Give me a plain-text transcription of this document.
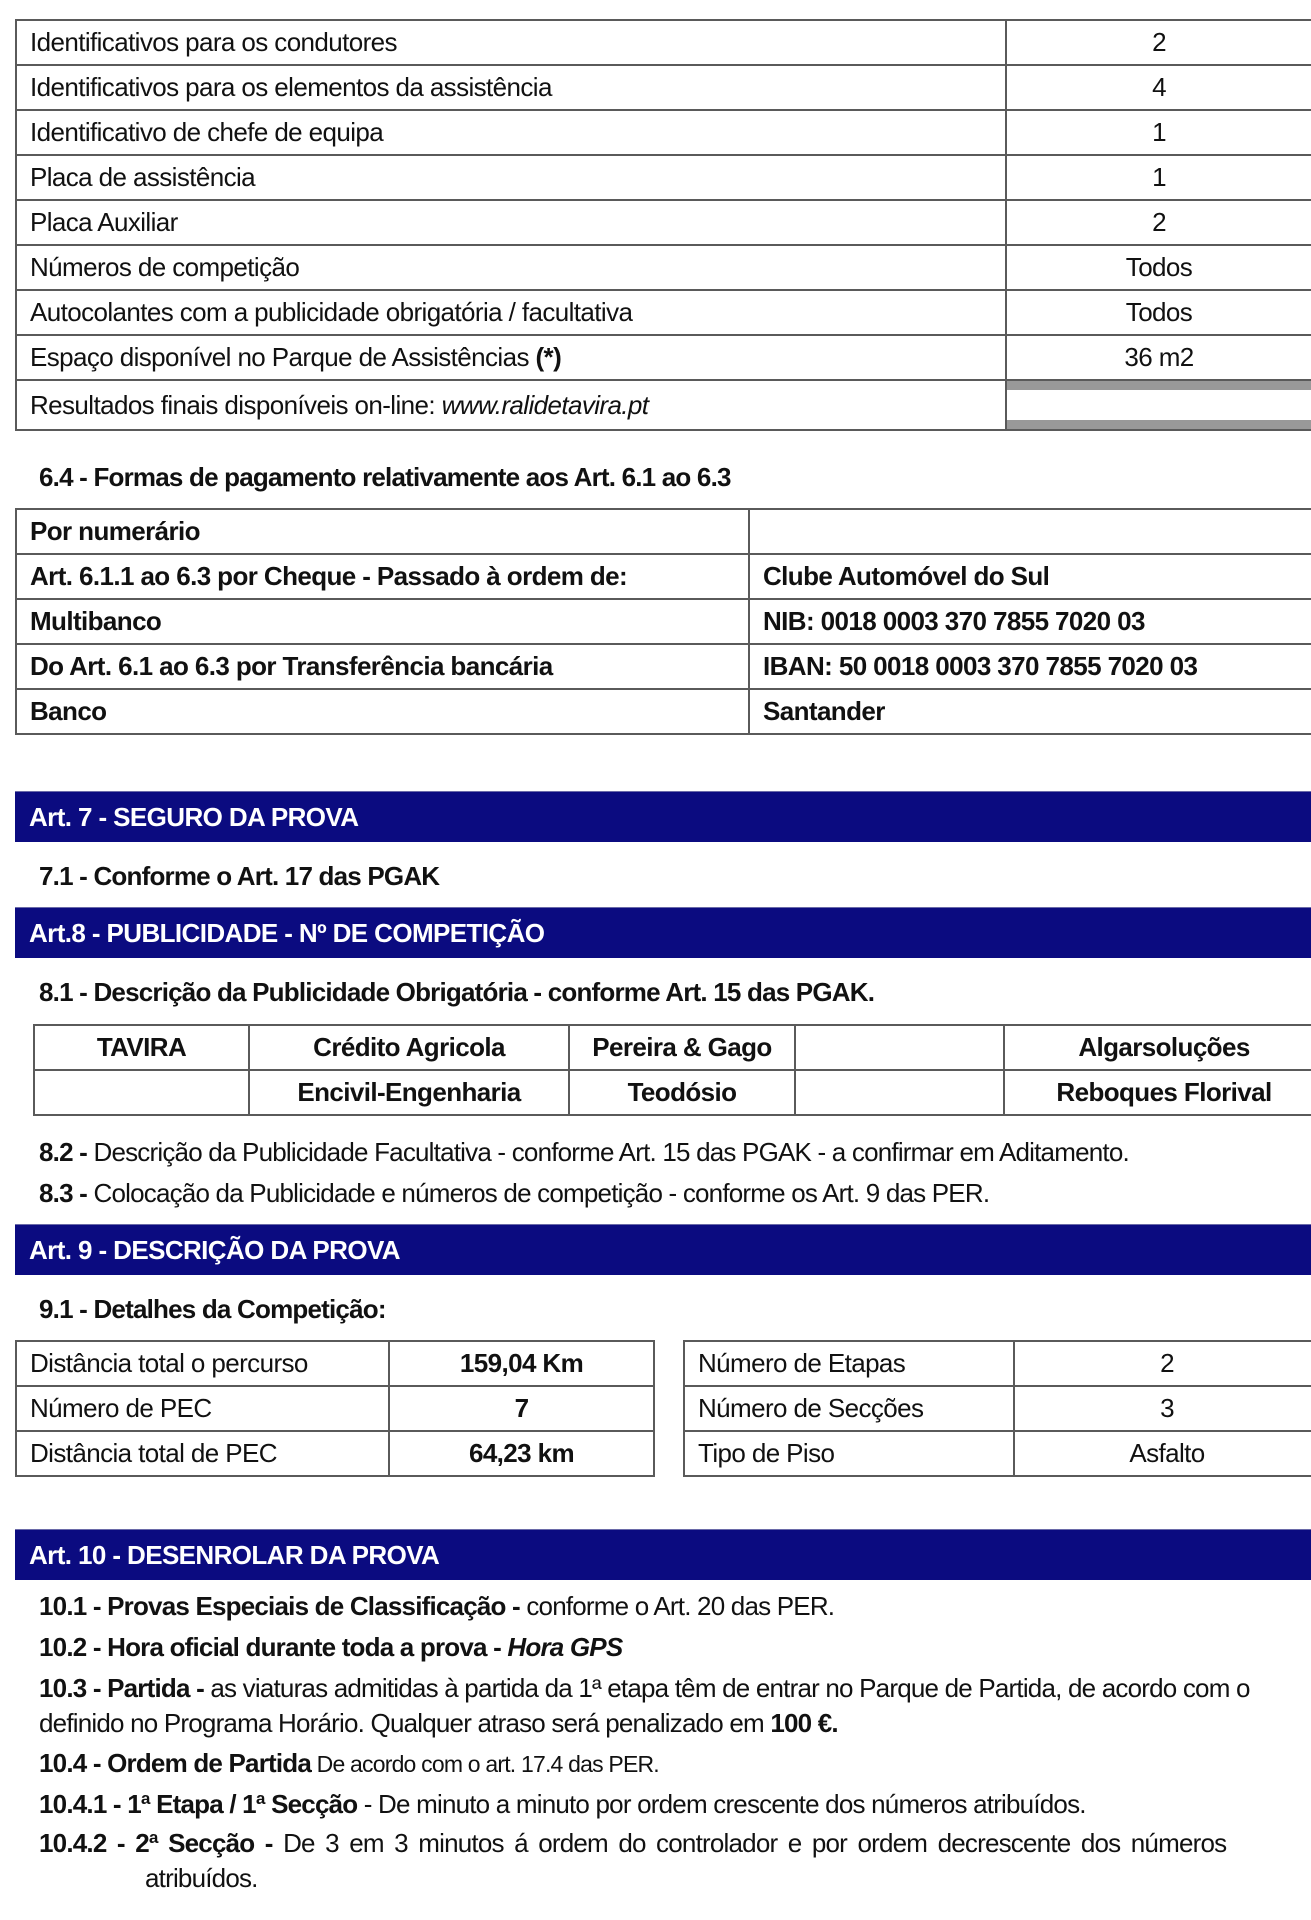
Identificativos para os condutores	2
Identificativos para os elementos da assistência	4
Identificativo de chefe de equipa	1
Placa de assistência	1
Placa Auxiliar	2
Números de competição	Todos
Autocolantes com a publicidade obrigatória / facultativa	Todos
Espaço disponível no Parque de Assistências (*)	36 m2
Resultados finais disponíveis on-line: www.ralidetavira.pt	
6.4 - Formas de pagamento relativamente aos Art. 6.1 ao 6.3
Por numerário	
Art. 6.1.1 ao 6.3 por Cheque - Passado à ordem de:	Clube Automóvel do Sul
Multibanco	NIB: 0018 0003 370 7855 7020 03
Do Art. 6.1 ao 6.3 por Transferência bancária	IBAN: 50 0018 0003 370 7855 7020 03
Banco	Santander
Art. 7 - SEGURO DA PROVA
7.1 - Conforme o Art. 17 das PGAK
Art.8 - PUBLICIDADE - Nº DE COMPETIÇÃO
8.1 - Descrição da Publicidade Obrigatória - conforme Art. 15 das PGAK.
TAVIRA	Crédito Agricola	Pereira & Gago		Algarsoluções
	Encivil-Engenharia	Teodósio		Reboques Florival
8.2 - Descrição da Publicidade Facultativa - conforme Art. 15 das PGAK - a confirmar em Aditamento.
8.3 - Colocação da Publicidade e números de competição - conforme os Art. 9 das PER.
Art. 9 - DESCRIÇÃO DA PROVA
9.1 - Detalhes da Competição:
Distância total o percurso	159,04 Km
Número de PEC	7
Distância total de PEC	64,23 km
Número de Etapas	2
Número de Secções	3
Tipo de Piso	Asfalto
Art. 10 - DESENROLAR DA PROVA
10.1 - Provas Especiais de Classificação - conforme o Art. 20 das PER.
10.2 - Hora oficial durante toda a prova - Hora GPS
10.3 - Partida - as viaturas admitidas à partida da 1ª etapa têm de entrar no Parque de Partida, de acordo com o
definido no Programa Horário. Qualquer atraso será penalizado em 100 €.
10.4 - Ordem de Partida De acordo com o art. 17.4 das PER.
10.4.1 - 1ª Etapa / 1ª Secção - De minuto a minuto por ordem crescente dos números atribuídos.
10.4.2 - 2ª Secção - De 3 em 3 minutos á ordem do controlador e por ordem decrescente dos números
atribuídos.
